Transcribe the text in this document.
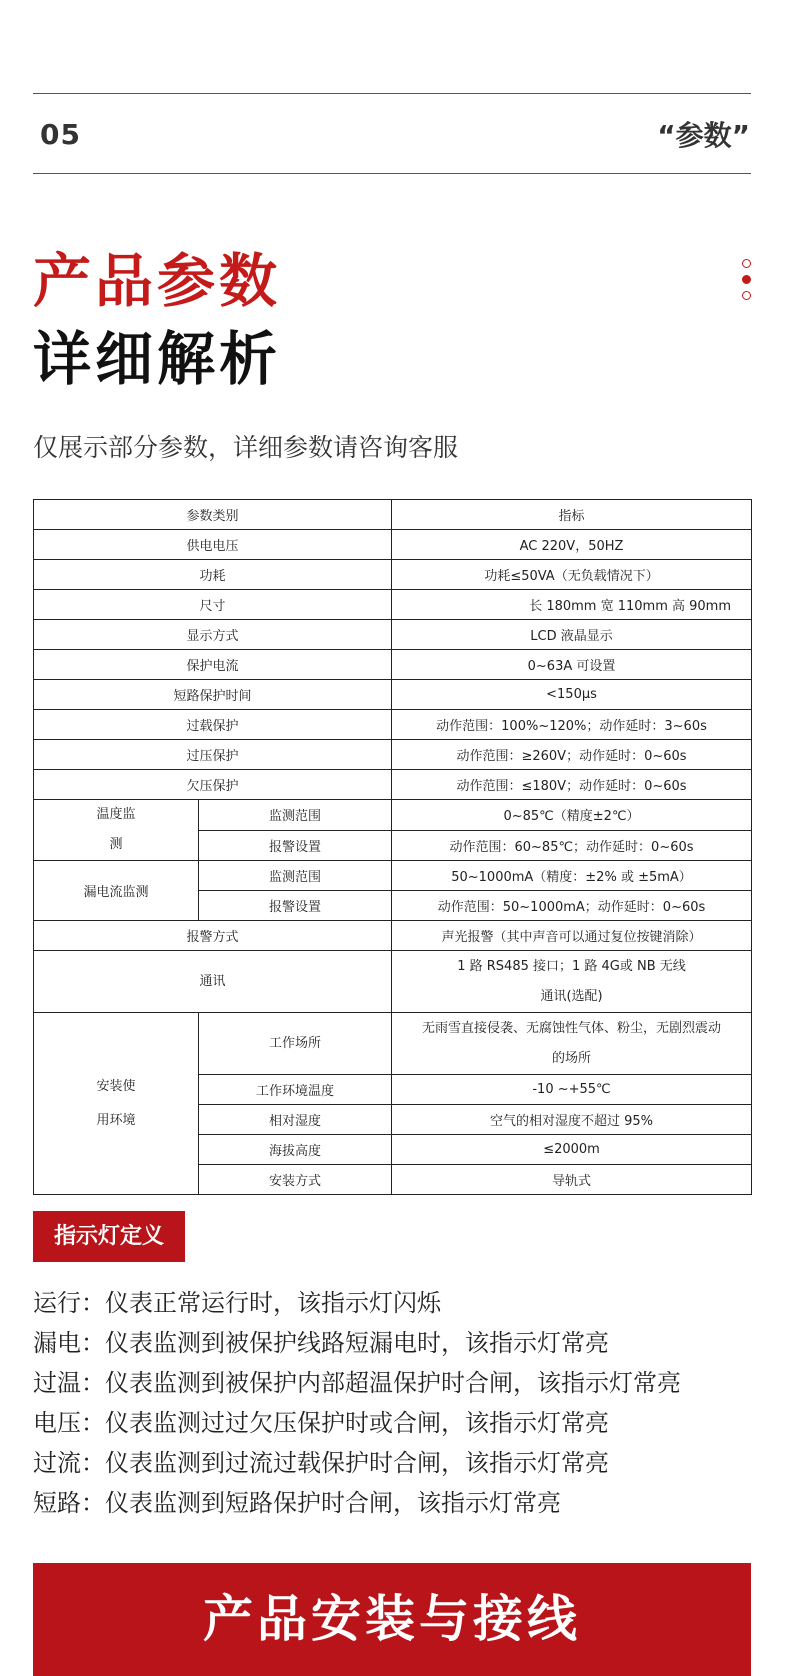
05	“参数”
产品参数
详细解析
仅展示部分参数，详细参数请咨询客服
参数类别		指标
供电电压		AC 220V，50HZ
功耗		功耗≤50VA（无负载情况下）
尺寸		长 180mm 宽 110mm 高 90mm
显示方式		LCD 液晶显示
保护电流		0~63A 可设置
短路保护时间		<150μs
过载保护		动作范围：100%~120%；动作延时：3~60s
过压保护		动作范围：≥260V；动作延时：0~60s
欠压保护		动作范围：≤180V；动作延时：0~60s
温度监
测	监测范围	0~85℃（精度±2℃）
	报警设置	动作范围：60~85℃；动作延时：0~60s
漏电流监测	监测范围	50~1000mA（精度：±2% 或 ±5mA）
	报警设置	动作范围：50~1000mA；动作延时：0~60s
报警方式		声光报警（其中声音可以通过复位按键消除）
通讯		1 路 RS485 接口；1 路 4G或 NB 无线
通讯(选配)
安装使
用环境	工作场所	无雨雪直接侵袭、无腐蚀性气体、粉尘，无剧烈震动
的场所
	工作环境温度	-10 ~+55℃
	相对湿度	空气的相对湿度不超过 95%
	海拔高度	≤2000m
	安装方式	导轨式
指示灯定义
运行：仪表正常运行时，该指示灯闪烁
漏电：仪表监测到被保护线路短漏电时，该指示灯常亮
过温：仪表监测到被保护内部超温保护时合闸，该指示灯常亮
电压：仪表监测过过欠压保护时或合闸，该指示灯常亮
过流：仪表监测到过流过载保护时合闸，该指示灯常亮
短路：仪表监测到短路保护时合闸，该指示灯常亮
产品安装与接线
